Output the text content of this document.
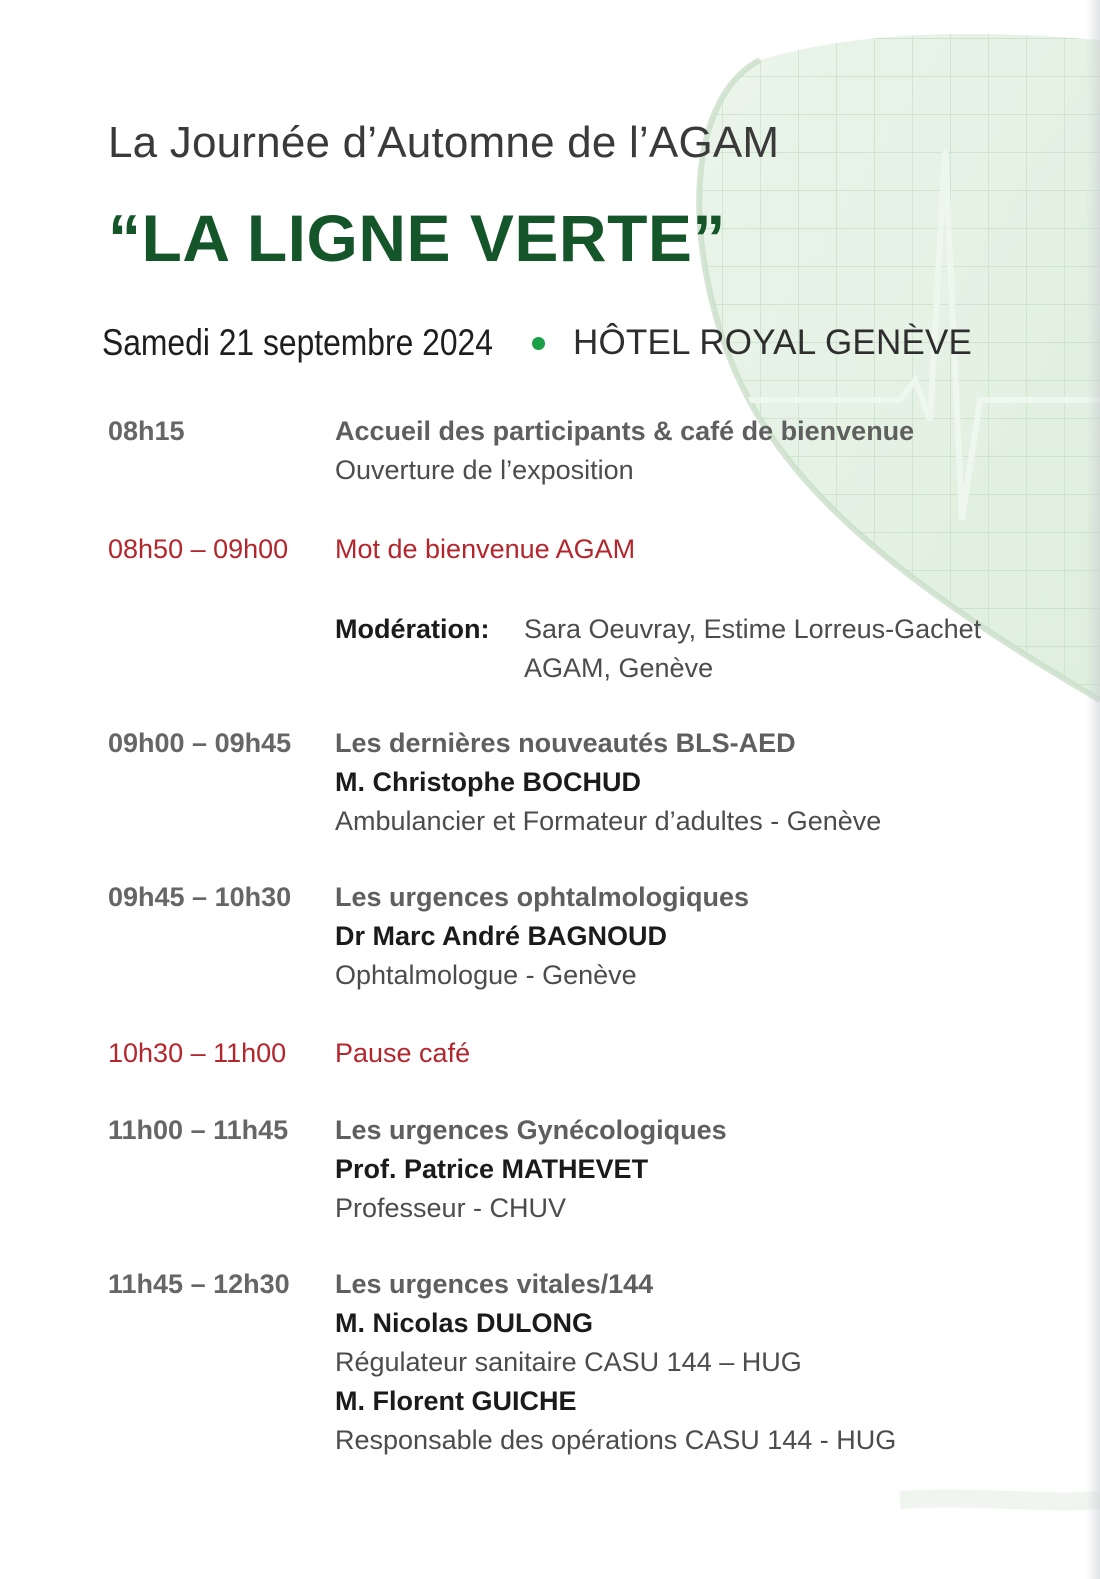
La Journée d’Automne de l’AGAM
“LA LIGNE VERTE”
Samedi 21 septembre 2024 HÔTEL ROYAL GENÈVE
08h15	Accueil des participants & café de bienvenue
Ouverture de l’exposition
08h50 – 09h00 Mot de bienvenue AGAM
Modération: Sara Oeuvray, Estime Lorreus-Gachet
AGAM, Genève
09h00 – 09h45 Les dernières nouveautés BLS-AED
M. Christophe BOCHUD
Ambulancier et Formateur d’adultes - Genève
09h45 – 10h30 Les urgences ophtalmologiques
Dr Marc André BAGNOUD
Ophtalmologue - Genève
10h30 – 11h00 Pause café
11h00 – 11h45 Les urgences Gynécologiques
Prof. Patrice MATHEVET
Professeur - CHUV
11h45 – 12h30 Les urgences vitales/144
M. Nicolas DULONG
Régulateur sanitaire CASU 144 – HUG
M. Florent GUICHE
Responsable des opérations CASU 144 - HUG
